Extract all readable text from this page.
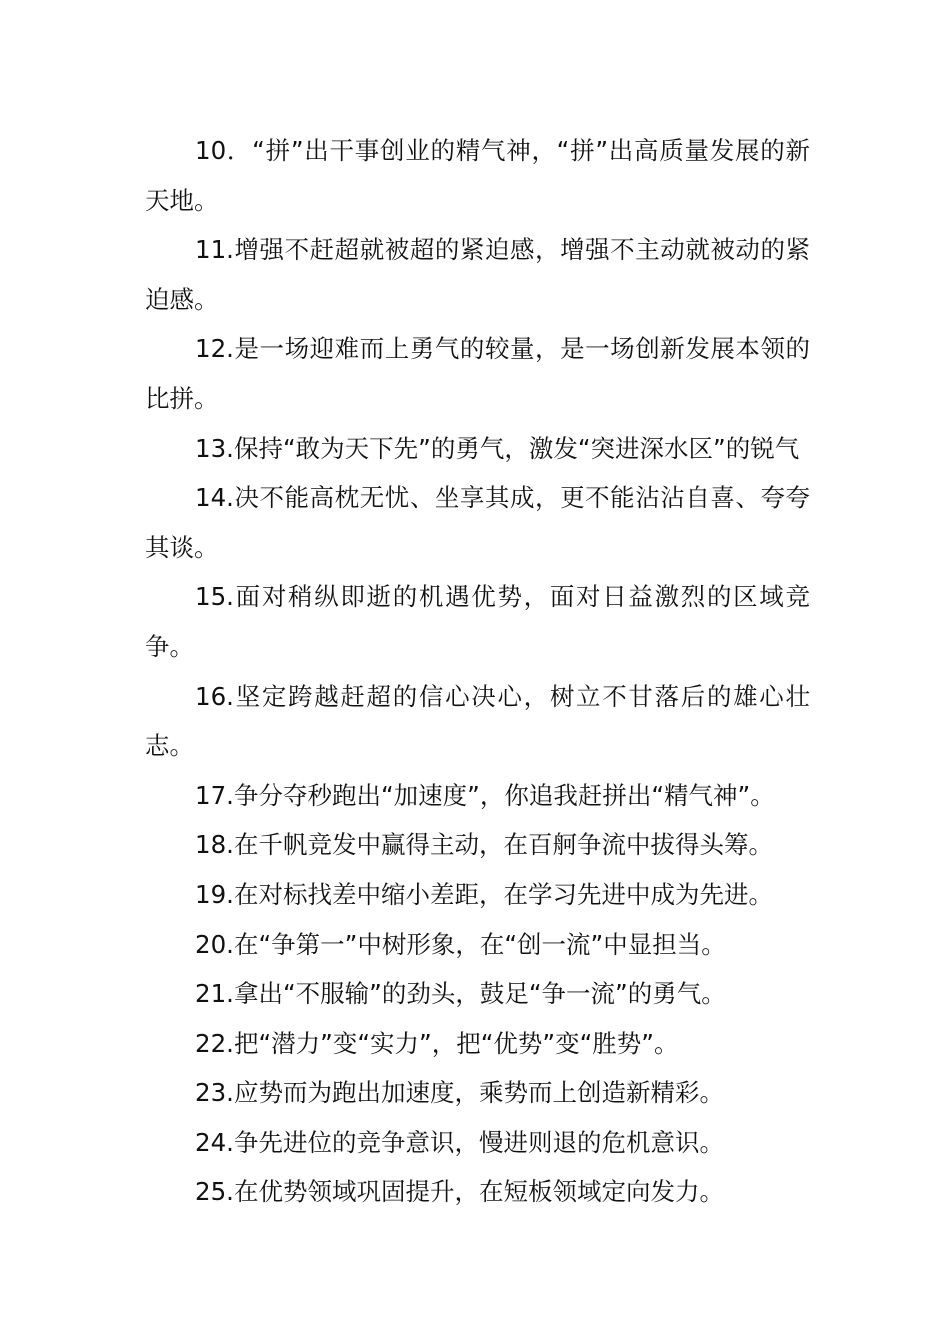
10．“拼”出干事创业的精气神，“拼”出高质量发展的新天地。

11.增强不赶超就被超的紧迫感，增强不主动就被动的紧迫感。

12.是一场迎难而上勇气的较量，是一场创新发展本领的比拼。

13.保持“敢为天下先”的勇气，激发“突进深水区”的锐气

14.决不能高枕无忧、坐享其成，更不能沾沾自喜、夸夸其谈。

15.面对稍纵即逝的机遇优势，面对日益激烈的区域竞争。

16.坚定跨越赶超的信心决心，树立不甘落后的雄心壮志。

17.争分夺秒跑出“加速度”，你追我赶拼出“精气神”。

18.在千帆竞发中赢得主动，在百舸争流中拔得头筹。

19.在对标找差中缩小差距，在学习先进中成为先进。

20.在“争第一”中树形象，在“创一流”中显担当。

21.拿出“不服输”的劲头，鼓足“争一流”的勇气。

22.把“潜力”变“实力”，把“优势”变“胜势”。

23.应势而为跑出加速度，乘势而上创造新精彩。

24.争先进位的竞争意识，慢进则退的危机意识。

25.在优势领域巩固提升，在短板领域定向发力。
